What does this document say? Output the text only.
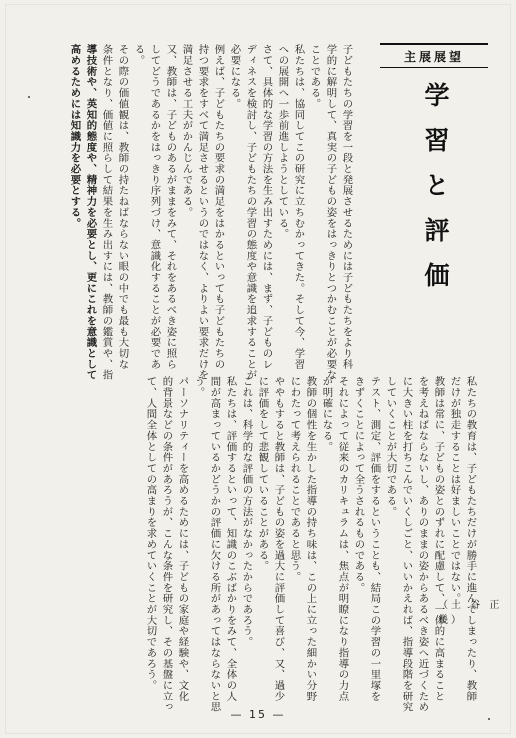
主展展望
学習と評価
子どもたちの学習を一段と発展させるためには子どもたちをより科
学的に解明して、真実の子どもの姿をはっきりとつかむことが必要な
ことである。
私たちは、協同してこの研究に立ちむかってきた。そして今、学習
への展開へ一歩前進しようとしている。
さて、具体的な学習の方法を生み出すためには、まず、子どものレ
ディネスを検討し、子どもたちの学習の態度や意識を追求することが
必要になる。
例えば、子どもたちの要求の満足をはかるといっても子どもたちの
持つ要求をすべて満足させるというのではなく、よりよい要求だけを
満足させる工夫がかんじんである。
又、教師は、子どものあるがままをみて、それをあるべき姿に照ら
してどうであるかをはっきり序列づけ、意識化することが必要であ
る。
その際の価値観は、教師の持たねばならない眼の中でも最も大切な
条件となり、価値に照らして結果を生み出すには、教師の鑑賞や、指
導技術や、英知的態度や、精神力を必要とし、更にこれを意識として
高めるためには知識力を必要とする。
私たちの教育は、子どもたちだけが勝手に進んでしまったり、教師
だけが独走することは好ましいことではない。
教師は常に、子どもの姿とのずれに配慮して、一体的に高まること
を考えねばならないし、ありのままの姿からあるべき姿へ近づくため
に大きい柱を打ちこんでいくしごと、いいかえれば、指導段階を研究
していくことが大切である。
テスト、測定、評価をするということも、結局この学習の一里塚を
きずくことによって全うされるものである。
それによって従来のカリキュラムは、焦点が明瞭になり指導の力点
が明確になる。
教師の個性を生かした指導の持ち味は、この上に立った細かい分野
にわたって考えられることであると思う。
ややもすると教師は、子どもの姿を過大に評価して喜び、又、過少
に評価をして悲観していることがある。
これは、科学的な評価の方法がなかったからであろう。
私たちは、評価するといって、知識のこぶばかりをみて、全体の人
間が高まっているかどうかの評価に欠ける所があってはならないと思
う。
パーソナリティーを高めるためには、子どもの家庭や経験や、文化
的背景などの条件があろうが、こんな条件を研究し、その基盤に立っ
て、人間全体としての高まりを求めていくことが大切であろう。	（土 谷 正 幾）
— 15 —
